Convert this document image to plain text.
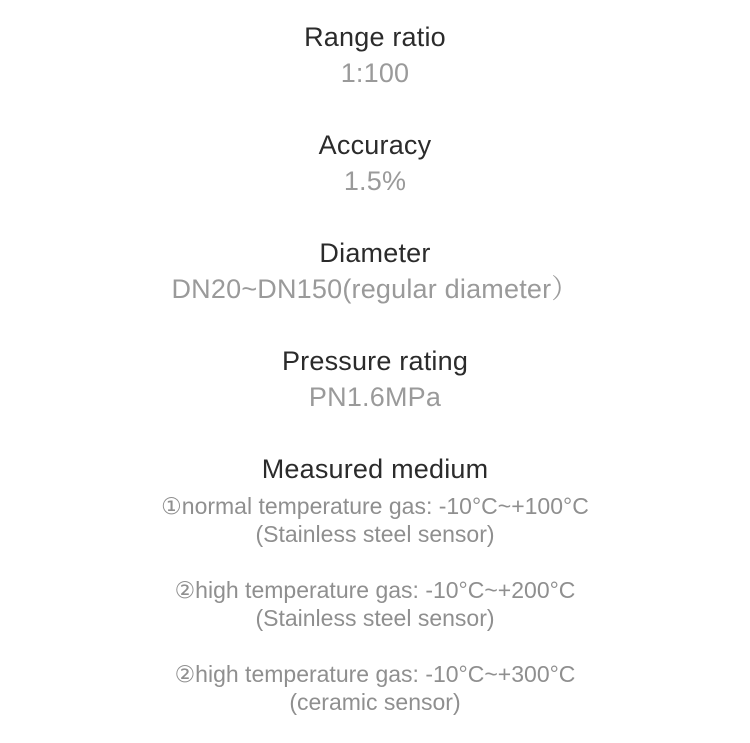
Range ratio
1:100
Accuracy
1.5%
Diameter
DN20~DN150(regular diameter）
Pressure rating
PN1.6MPa
Measured medium
①normal temperature gas: -10°C~+100°C
(Stainless steel sensor)
②high temperature gas: -10°C~+200°C
(Stainless steel sensor)
②high temperature gas: -10°C~+300°C
(ceramic sensor)
